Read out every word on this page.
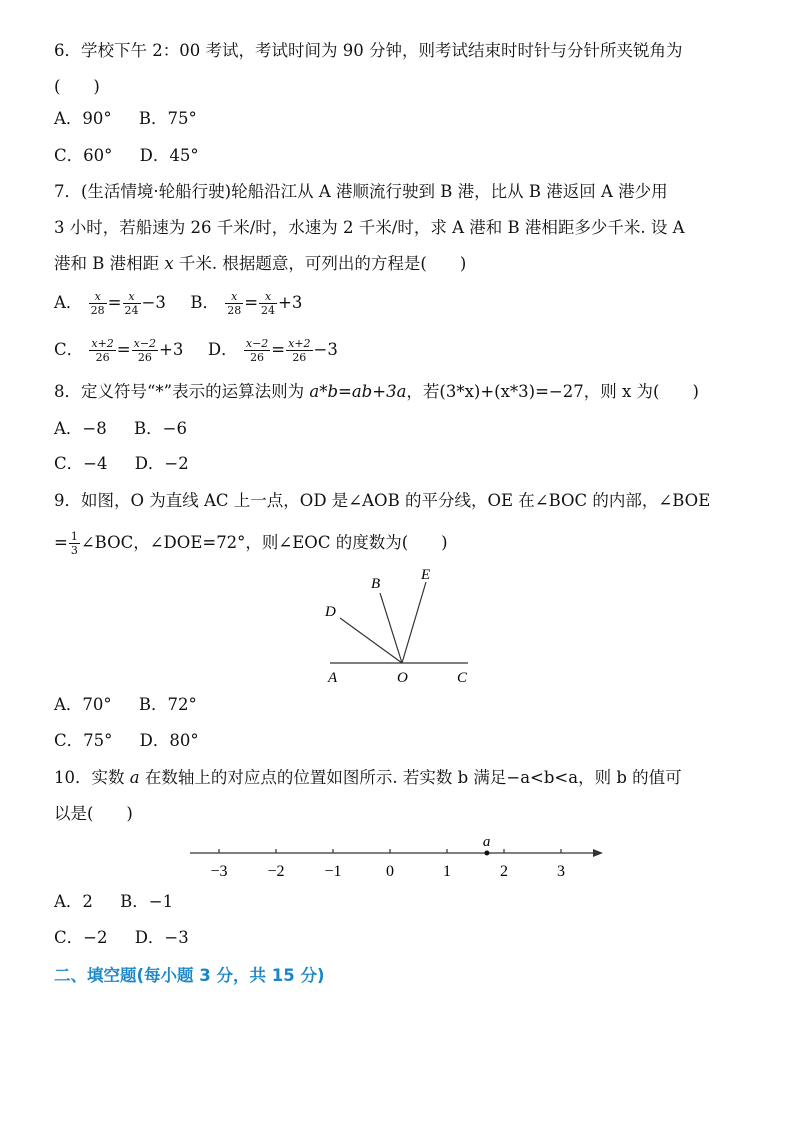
6．学校下午 2：00 考试，考试时间为 90 分钟，则考试结束时时针与分针所夹锐角为
(　　)
A．90° B．75°
C．60° D．45°
7．(生活情境·轮船行驶)轮船沿江从 A 港顺流行驶到 B 港，比从 B 港返回 A 港少用
3 小时，若船速为 26 千米/时，水速为 2 千米/时，求 A 港和 B 港相距多少千米. 设 A
港和 B 港相距 x 千米. 根据题意，可列出的方程是(　　)
A． $\frac{x}{28} = \frac{x}{24} -3$ B． $\frac{x}{28} = \frac{x}{24} +3$
C． $\frac{x+2}{26} = \frac{x-2}{26} +3$ D． $\frac{x-2}{26} = \frac{x+2}{26} -3$
8．定义符号“*”表示的运算法则为 a*b=ab+3a，若(3*x)+(x*3)=−27，则 x 为(　　)
A．−8 B．−6
C．−4 D．−2
9．如图，O 为直线 AC 上一点，OD 是∠AOB 的平分线，OE 在∠BOC 的内部，∠BOE
= $\frac{1}{3}$ ∠BOC，∠DOE=72°，则∠EOC 的度数为(　　)
A	O	C
D
B
E
A．70° B．72°
C．75° D．80°
10．实数 a 在数轴上的对应点的位置如图所示. 若实数 b 满足−a<b<a，则 b 的值可
以是(　　)
−3 −2 −1	0	1	2	3
a
A．2 B．−1
C．−2 D．−3
二、填空题(每小题 3 分，共 15 分)
